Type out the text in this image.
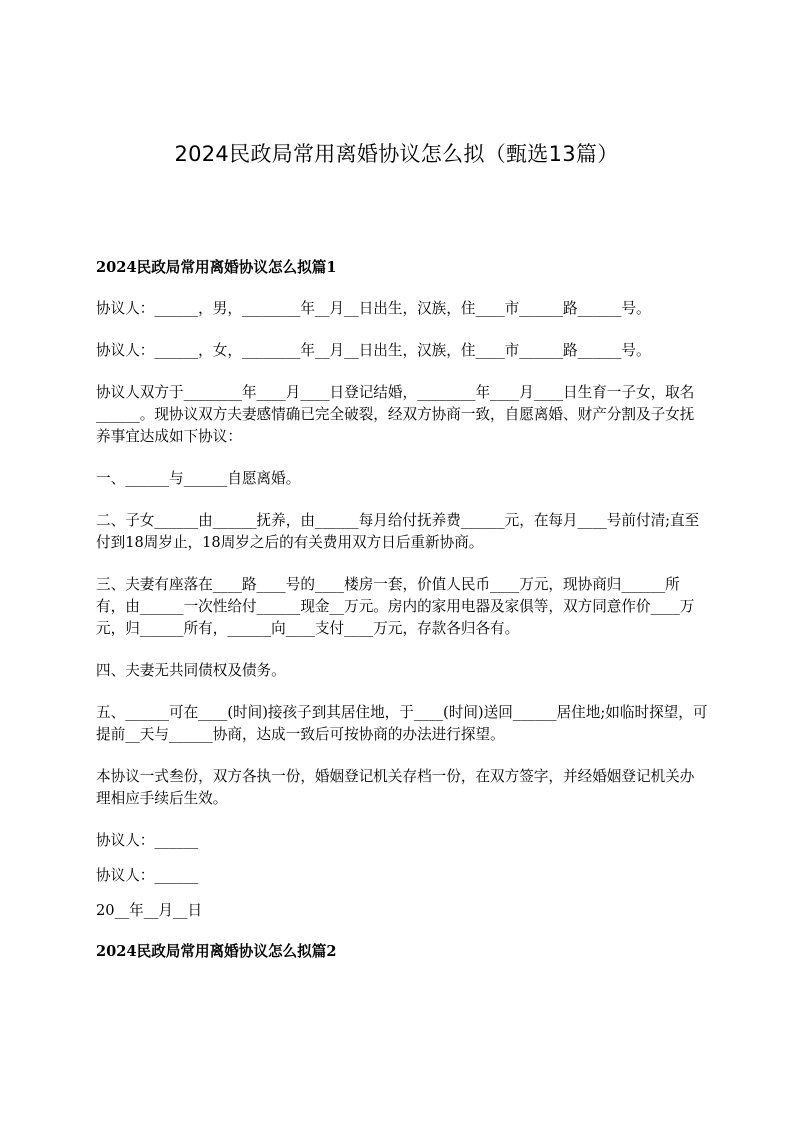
2024民政局常用离婚协议怎么拟（甄选13篇）
2024民政局常用离婚协议怎么拟篇1

协议人：______，男，________年__月__日出生，汉族，住____市______路______号。

协议人：______，女，________年__月__日出生，汉族，住____市______路______号。

协议人双方于________年____月____日登记结婚，________年____月____日生育一子女，取名______。现协议双方夫妻感情确已完全破裂，经双方协商一致，自愿离婚、财产分割及子女抚养事宜达成如下协议：

一、______与______自愿离婚。

二、子女______由______抚养，由______每月给付抚养费______元，在每月____号前付清;直至付到18周岁止，18周岁之后的有关费用双方日后重新协商。

三、夫妻有座落在____路____号的____楼房一套，价值人民币____万元，现协商归______所有，由______一次性给付______现金__万元。房内的家用电器及家俱等，双方同意作价____万元，归______所有，______向____支付____万元，存款各归各有。

四、夫妻无共同债权及债务。

五、______可在____(时间)接孩子到其居住地，于____(时间)送回______居住地;如临时探望，可提前__天与______协商，达成一致后可按协商的办法进行探望。

本协议一式叁份，双方各执一份，婚姻登记机关存档一份，在双方签字，并经婚姻登记机关办理相应手续后生效。

协议人：______

协议人：______

20__年__月__日

2024民政局常用离婚协议怎么拟篇2
